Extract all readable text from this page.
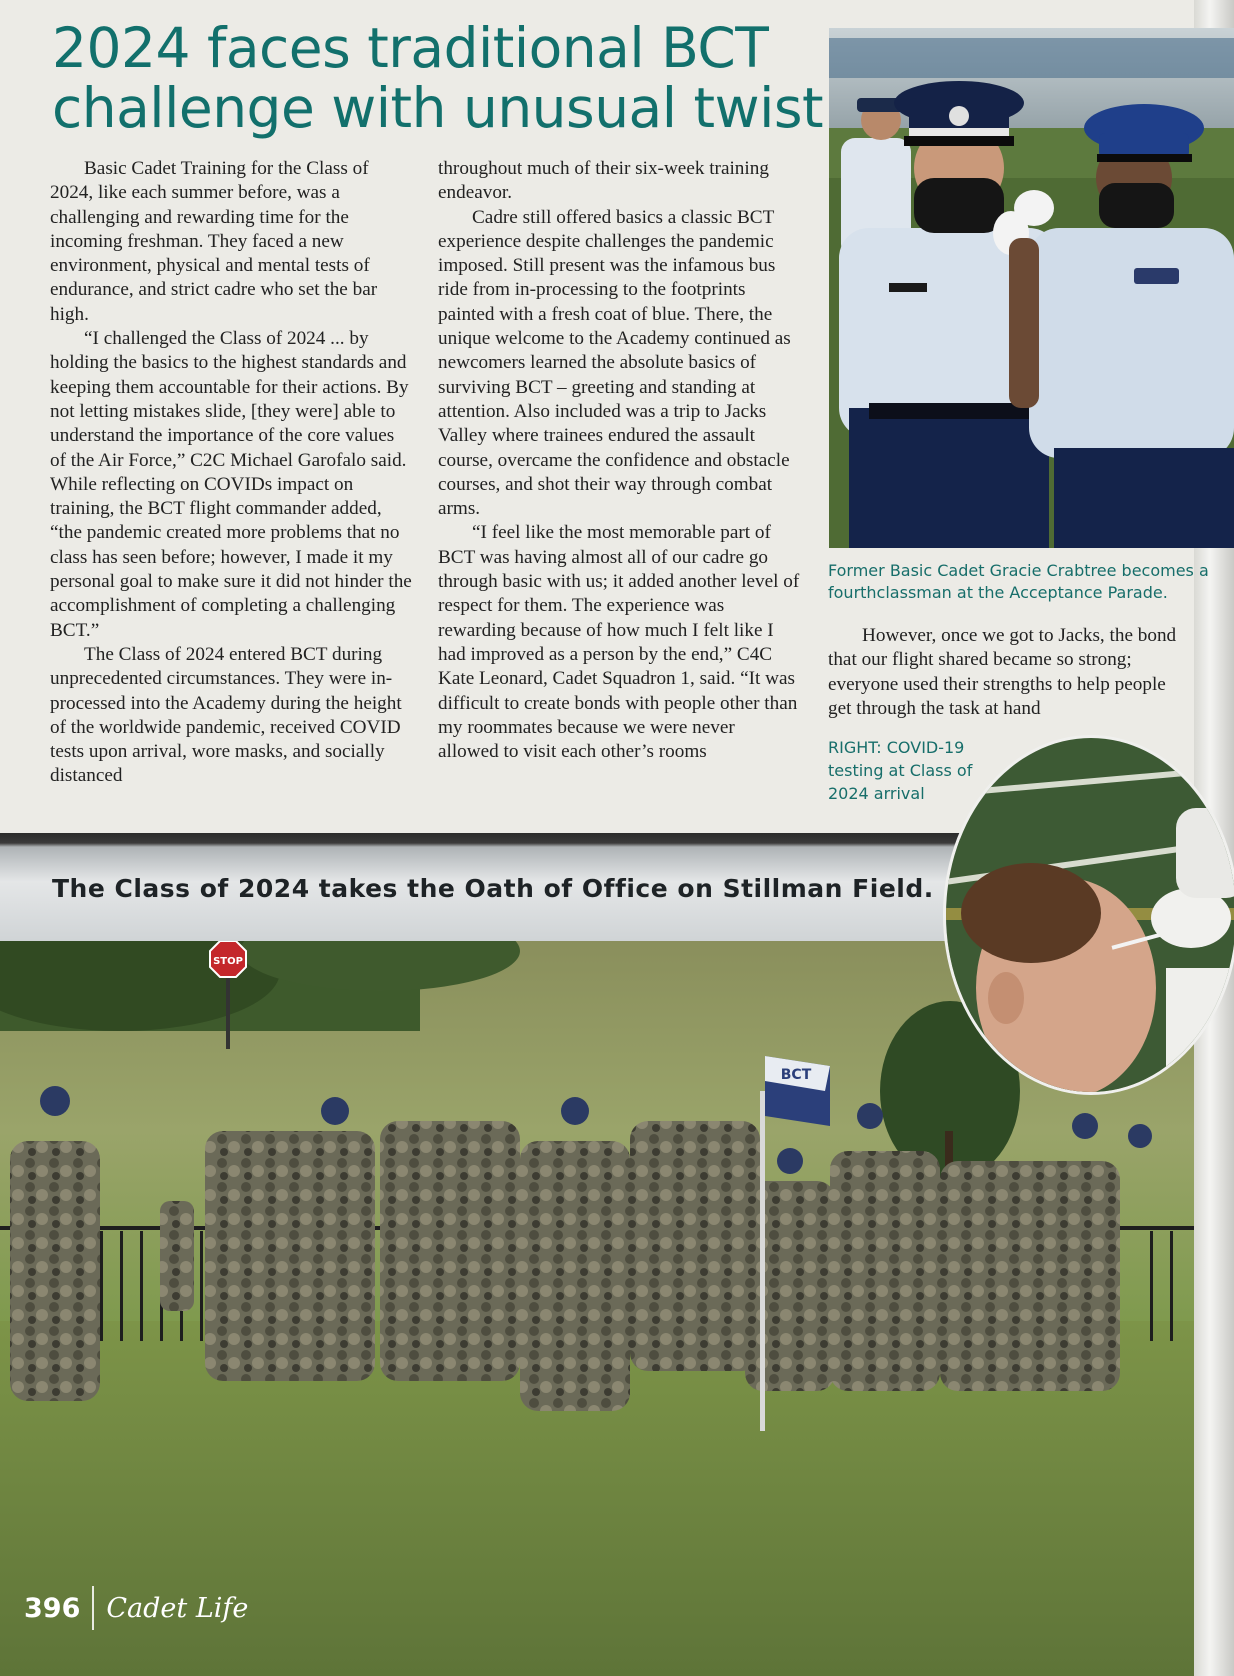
2024 faces traditional BCT challenge with unusual twist

Basic Cadet Training for the Class of 2024, like each summer before, was a challenging and rewarding time for the incoming freshman. They faced a new environment, physical and mental tests of endurance, and strict cadre who set the bar high.

“I challenged the Class of 2024 ... by holding the basics to the highest standards and keeping them accountable for their actions. By not letting mistakes slide, [they were] able to understand the importance of the core values of the Air Force,” C2C Michael Garofalo said. While reflecting on COVIDs impact on training, the BCT flight commander added, “the pandemic created more problems that no class has seen before; however, I made it my personal goal to make sure it did not hinder the accomplishment of completing a challenging BCT.”

The Class of 2024 entered BCT during unprecedented circumstances. They were in-processed into the Academy during the height of the worldwide pandemic, received COVID tests upon arrival, wore masks, and socially distanced

throughout much of their six-week training endeavor.

Cadre still offered basics a classic BCT experience despite challenges the pandemic imposed. Still present was the infamous bus ride from in-processing to the footprints painted with a fresh coat of blue. There, the unique welcome to the Academy continued as newcomers learned the absolute basics of surviving BCT – greeting and standing at attention. Also included was a trip to Jacks Valley where trainees endured the assault course, overcame the confidence and obstacle courses, and shot their way through combat arms.

“I feel like the most memorable part of BCT was having almost all of our cadre go through basic with us; it added another level of respect for them. The experience was rewarding because of how much I felt like I had improved as a person by the end,” C4C Kate Leonard, Cadet Squadron 1, said. “It was difficult to create bonds with people other than my roommates because we were never allowed to visit each other’s rooms

Former Basic Cadet Gracie Crabtree becomes a fourthclassman at the Acceptance Parade.

However, once we got to Jacks, the bond that our flight shared became so strong; everyone used their strengths to help people get through the task at hand

RIGHT: COVID-19 testing at Class of 2024 arrival

The Class of 2024 takes the Oath of Office on Stillman Field.

STOP
BCT
396 Cadet Life
